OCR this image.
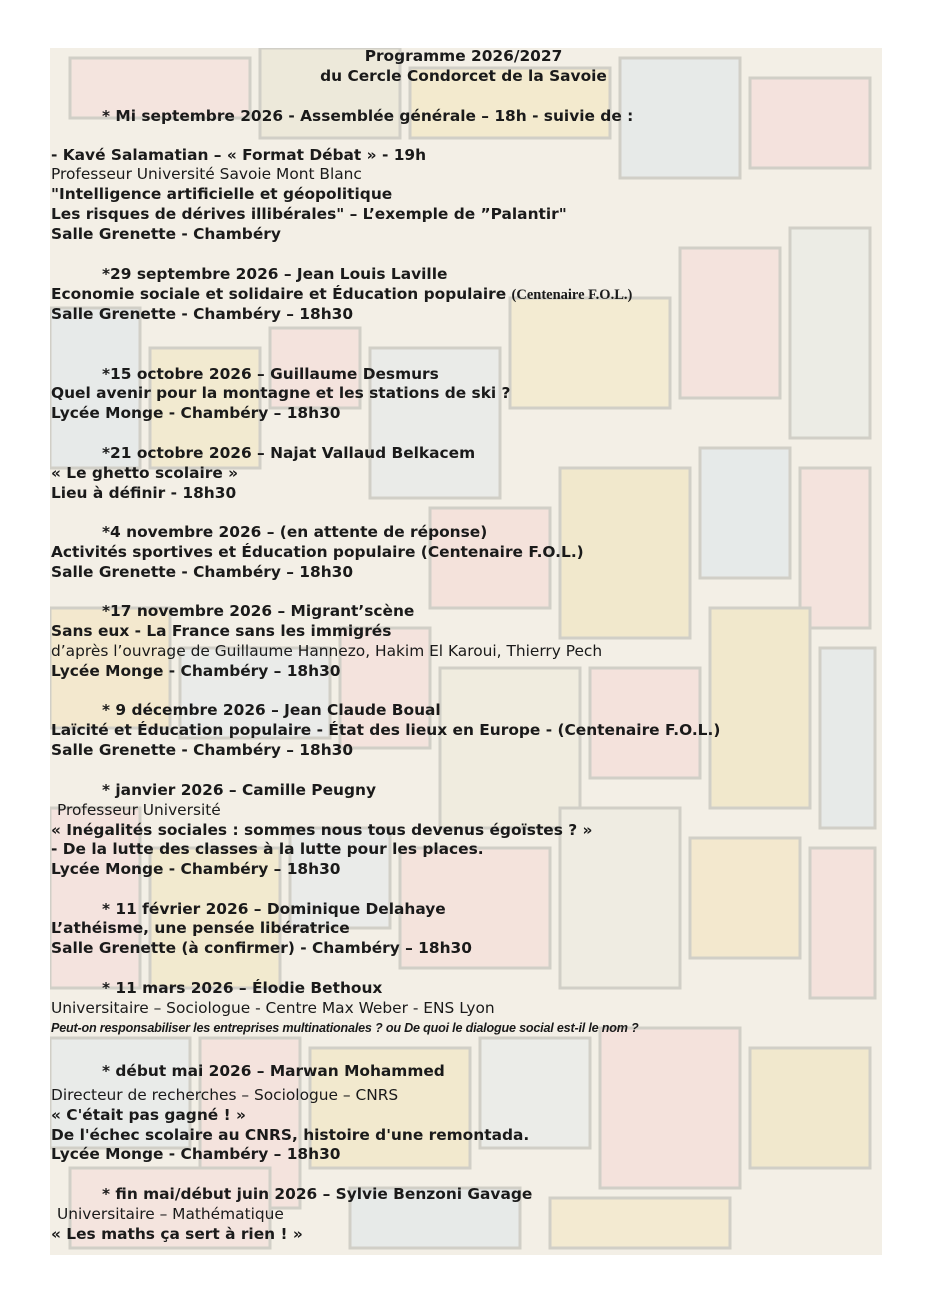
Programme 2026/2027
du Cercle Condorcet de la Savoie
* Mi septembre 2026 - Assemblée générale – 18h - suivie de :
- Kavé Salamatian – « Format Débat » - 19h
Professeur Université Savoie Mont Blanc
"Intelligence artificielle et géopolitique
Les risques de dérives illibérales" – L’exemple de ”Palantir"
Salle Grenette - Chambéry
*29 septembre 2026 – Jean Louis Laville
Economie sociale et solidaire et Éducation populaire (Centenaire F.O.L.)
Salle Grenette - Chambéry – 18h30
*15 octobre 2026 – Guillaume Desmurs
Quel avenir pour la montagne et les stations de ski ?
Lycée Monge - Chambéry – 18h30
*21 octobre 2026 – Najat Vallaud Belkacem
« Le ghetto scolaire »
Lieu à définir - 18h30
*4 novembre 2026 – (en attente de réponse)
Activités sportives et Éducation populaire (Centenaire F.O.L.)
Salle Grenette - Chambéry – 18h30
*17 novembre 2026 – Migrant’scène
Sans eux - La France sans les immigrés
d’après l’ouvrage de Guillaume Hannezo, Hakim El Karoui, Thierry Pech
Lycée Monge - Chambéry – 18h30
* 9 décembre 2026 – Jean Claude Boual
Laïcité et Éducation populaire - État des lieux en Europe - (Centenaire F.O.L.)
Salle Grenette - Chambéry – 18h30
* janvier 2026 – Camille Peugny
Professeur Université
« Inégalités sociales : sommes nous tous devenus égoïstes ? »
- De la lutte des classes à la lutte pour les places.
Lycée Monge - Chambéry – 18h30
* 11 février 2026 – Dominique Delahaye
L’athéisme, une pensée libératrice
Salle Grenette (à confirmer) - Chambéry – 18h30
* 11 mars 2026 – Élodie Bethoux
Universitaire – Sociologue - Centre Max Weber - ENS Lyon
Peut-on responsabiliser les entreprises multinationales ? ou De quoi le dialogue social est-il le nom ?
* début mai 2026 – Marwan Mohammed
Directeur de recherches – Sociologue – CNRS
« C'était pas gagné ! »
De l'échec scolaire au CNRS, histoire d'une remontada.
Lycée Monge - Chambéry – 18h30
* fin mai/début juin 2026 – Sylvie Benzoni Gavage
Universitaire – Mathématique
« Les maths ça sert à rien ! »
